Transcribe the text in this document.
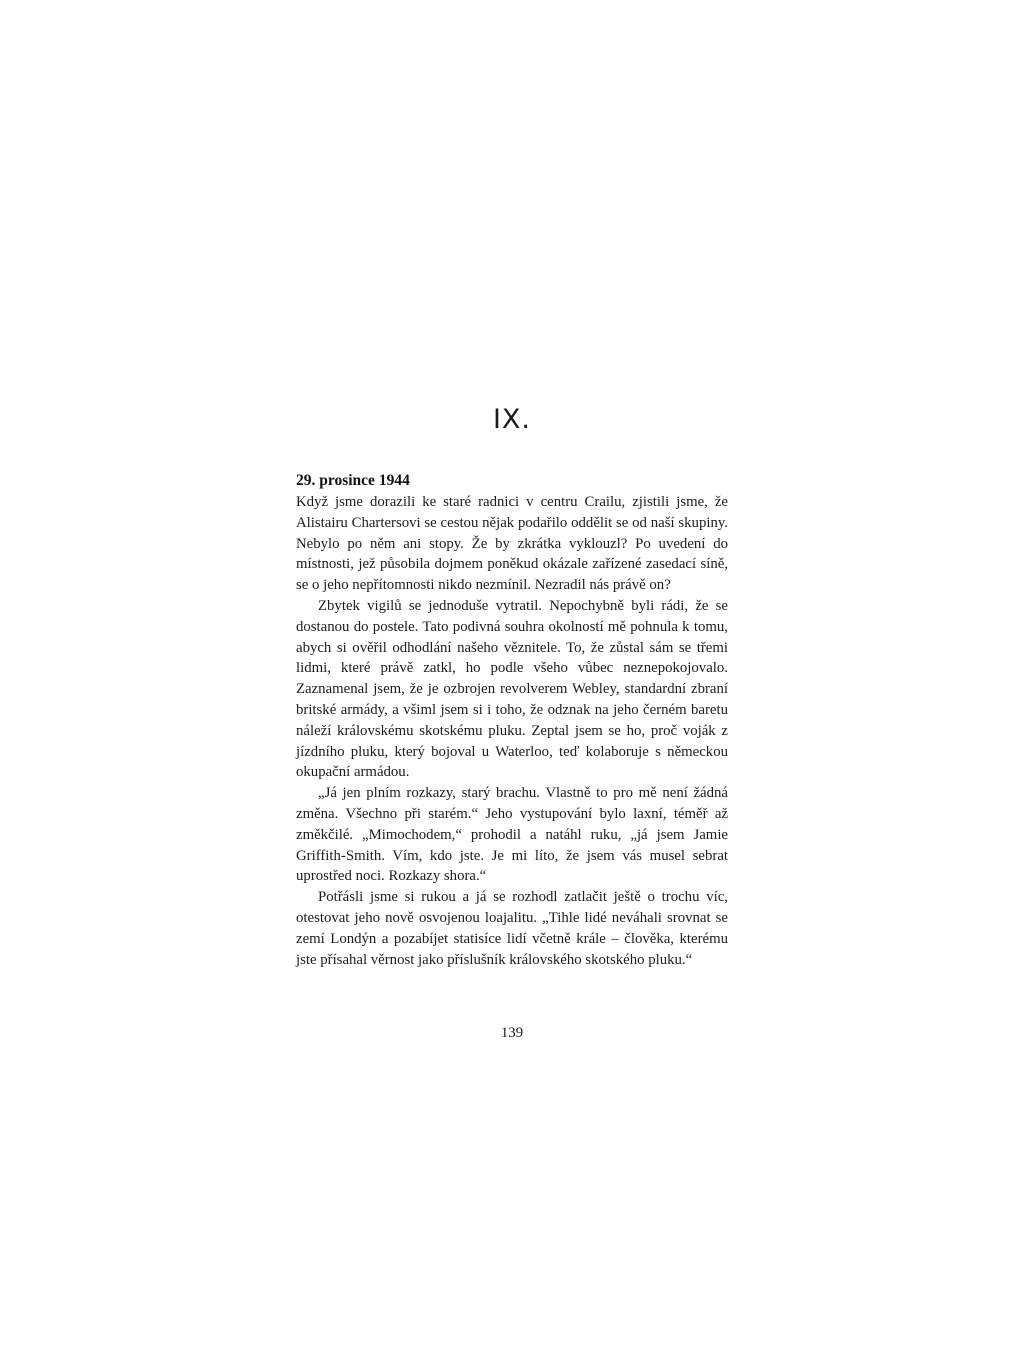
IX.

29. prosince 1944

Když jsme dorazili ke staré radnici v centru Crailu, zjistili jsme, že Alistairu Chartersovi se cestou nějak podařilo oddělit se od naší skupiny. Nebylo po něm ani stopy. Že by zkrátka vyklouzl? Po uvedení do místnosti, jež působila dojmem poněkud okázale zařízené zasedací síně, se o jeho nepřítomnosti nikdo nezmínil. Nezradil nás právě on?

Zbytek vigilů se jednoduše vytratil. Nepochybně byli rádi, že se dostanou do postele. Tato podivná souhra okolností mě pohnula k tomu, abych si ověřil odhodlání našeho věznitele. To, že zůstal sám se třemi lidmi, které právě zatkl, ho podle všeho vůbec neznepokojovalo. Zaznamenal jsem, že je ozbrojen revolverem Webley, standardní zbraní britské armády, a všiml jsem si i toho, že odznak na jeho černém baretu náleží královskému skotskému pluku. Zeptal jsem se ho, proč voják z jízdního pluku, který bojoval u Waterloo, teď kolaboruje s německou okupační armádou.

„Já jen plním rozkazy, starý brachu. Vlastně to pro mě není žádná změna. Všechno při starém.“ Jeho vystupování bylo laxní, téměř až změkčilé. „Mimochodem,“ prohodil a natáhl ruku, „já jsem Jamie Griffith-Smith. Vím, kdo jste. Je mi líto, že jsem vás musel sebrat uprostřed noci. Rozkazy shora.“

Potřásli jsme si rukou a já se rozhodl zatlačit ještě o trochu víc, otestovat jeho nově osvojenou loajalitu. „Tihle lidé neváhali srovnat se zemí Londýn a pozabíjet statisíce lidí včetně krále – člověka, kterému jste přísahal věrnost jako příslušník královského skotského pluku.“

139
